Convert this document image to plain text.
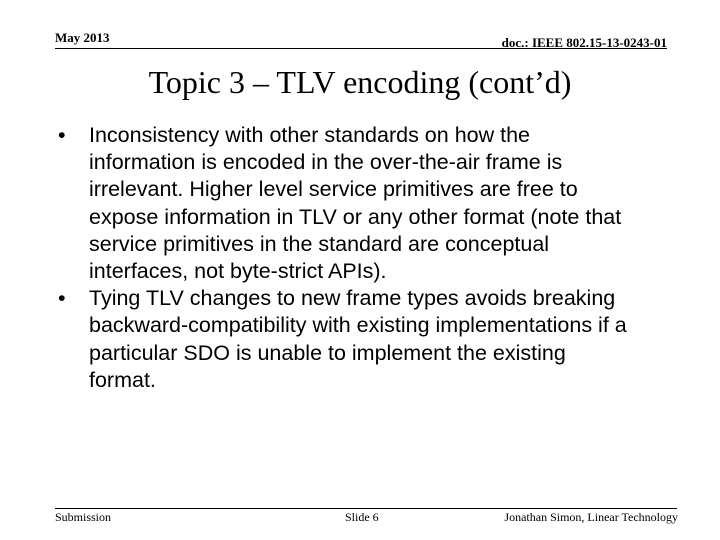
May 2013	doc.: IEEE 802.15-13-0243-01
Topic 3 – TLV encoding (cont’d)
• Inconsistency with other standards on how the information is encoded in the over-the-air frame is irrelevant. Higher level service primitives are free to expose information in TLV or any other format (note that service primitives in the standard are conceptual interfaces, not byte-strict APIs).
• Tying TLV changes to new frame types avoids breaking backward-compatibility with existing implementations if a particular SDO is unable to implement the existing format.
Submission	Slide 6	Jonathan Simon, Linear Technology
